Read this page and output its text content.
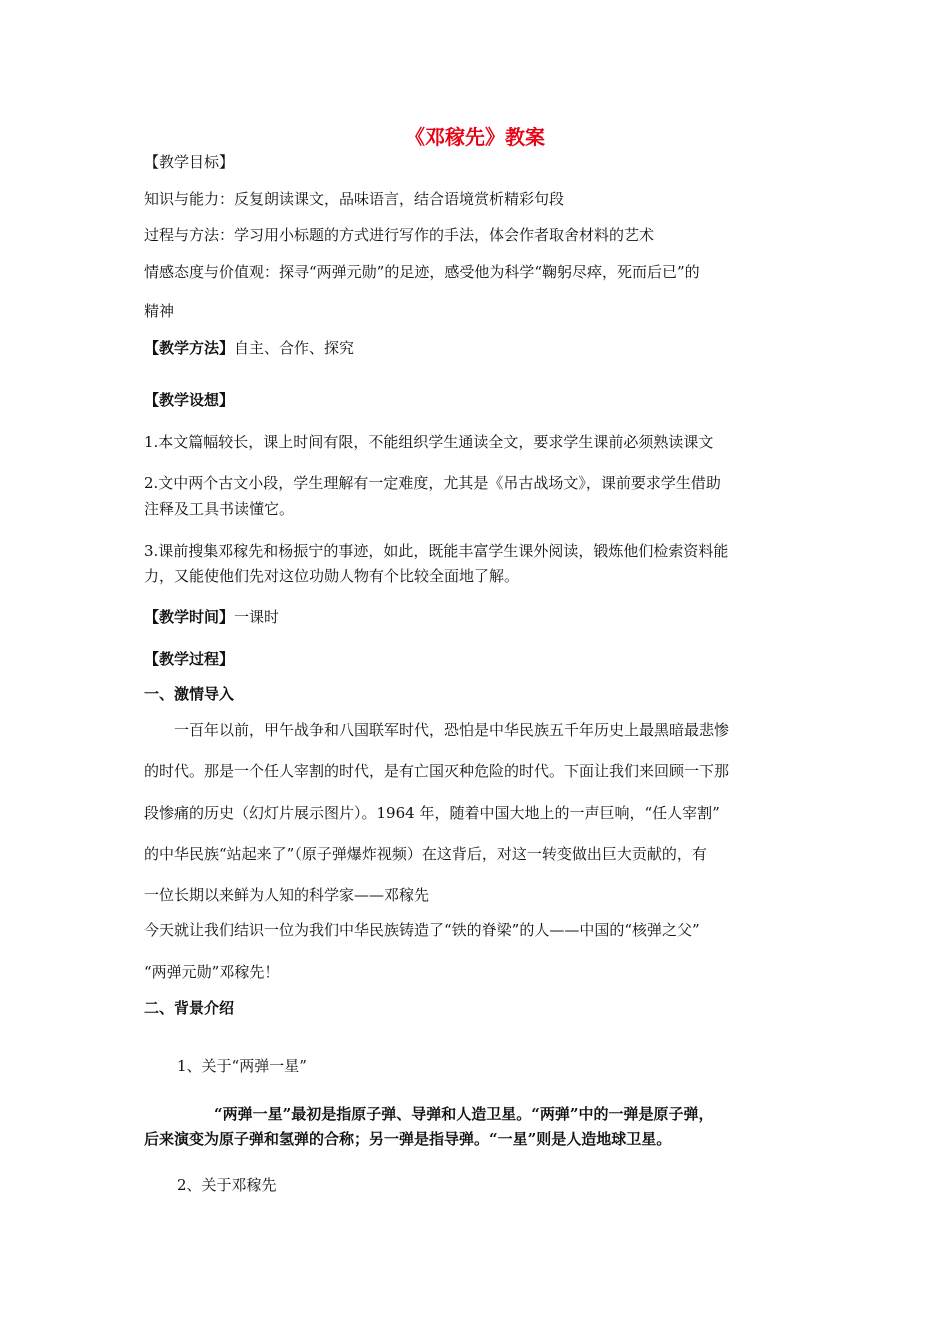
《邓稼先》教案
【教学目标】
知识与能力：反复朗读课文，品味语言，结合语境赏析精彩句段
过程与方法：学习用小标题的方式进行写作的手法，体会作者取舍材料的艺术
情感态度与价值观：探寻“两弹元勋”的足迹，感受他为科学“鞠躬尽瘁，死而后已”的
精神
【教学方法】自主、合作、探究
【教学设想】
1.本文篇幅较长，课上时间有限，不能组织学生通读全文，要求学生课前必须熟读课文
2.文中两个古文小段，学生理解有一定难度，尤其是《吊古战场文》，课前要求学生借助
注释及工具书读懂它。
3.课前搜集邓稼先和杨振宁的事迹，如此，既能丰富学生课外阅读，锻炼他们检索资料能
力，又能使他们先对这位功勋人物有个比较全面地了解。
【教学时间】一课时
【教学过程】
一、激情导入
一百年以前，甲午战争和八国联军时代，恐怕是中华民族五千年历史上最黑暗最悲惨
的时代。那是一个任人宰割的时代，是有亡国灭种危险的时代。下面让我们来回顾一下那
段惨痛的历史（幻灯片展示图片）。1964 年，随着中国大地上的一声巨响，“任人宰割”
的中华民族“站起来了”（原子弹爆炸视频）在这背后，对这一转变做出巨大贡献的，有
一位长期以来鲜为人知的科学家——邓稼先
今天就让我们结识一位为我们中华民族铸造了“铁的脊梁”的人——中国的“核弹之父”
“两弹元勋”邓稼先！
二、背景介绍
1、关于“两弹一星”
“两弹一星”最初是指原子弹、导弹和人造卫星。“两弹”中的一弹是原子弹，
后来演变为原子弹和氢弹的合称；另一弹是指导弹。“一星”则是人造地球卫星。
2、关于邓稼先
